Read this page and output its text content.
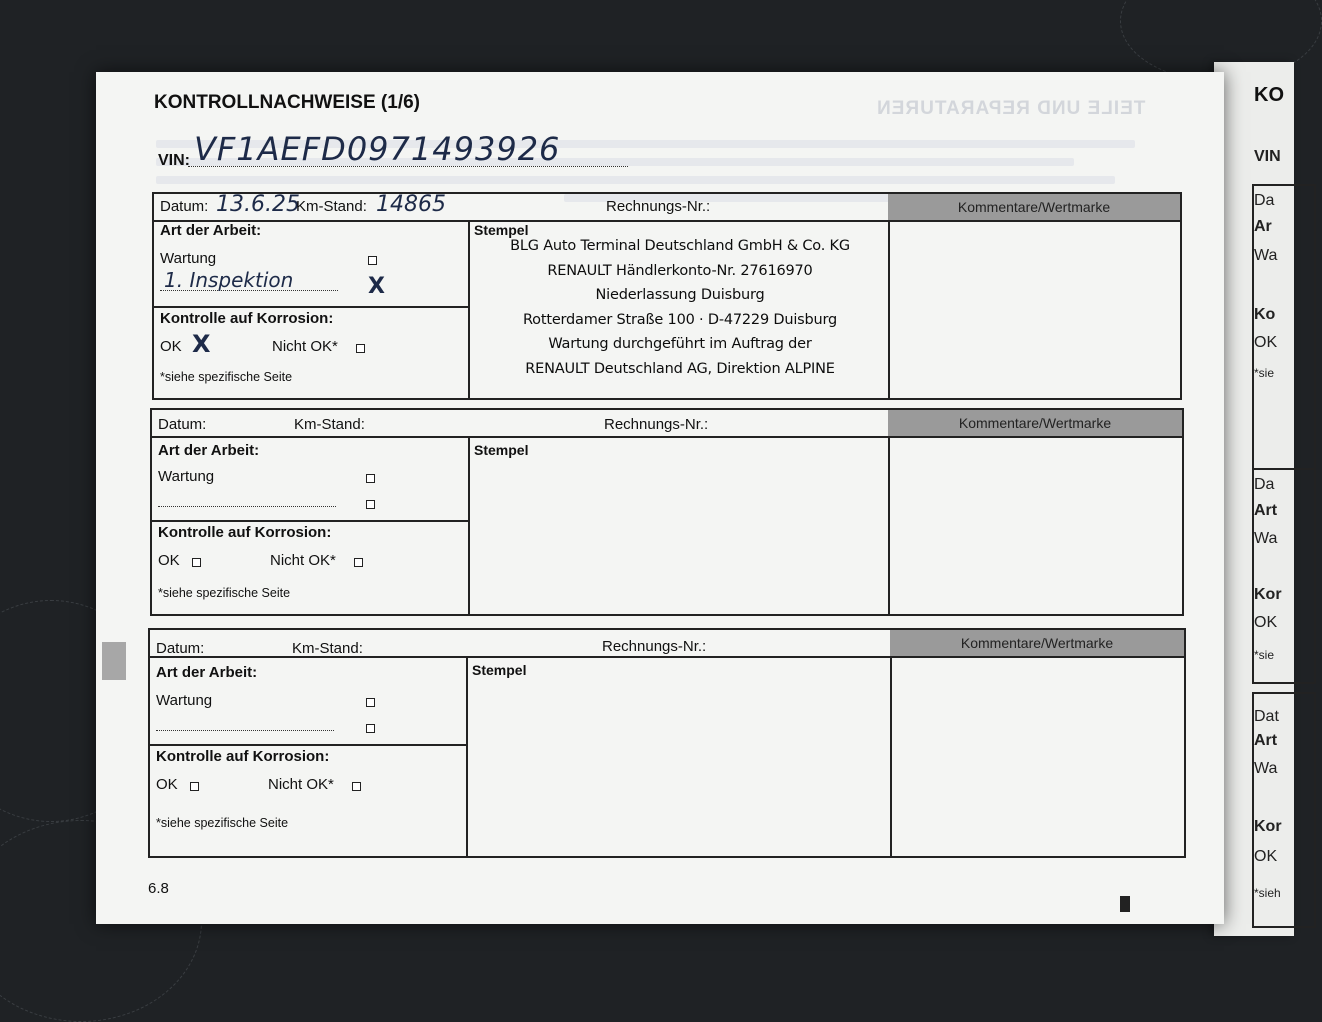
KO
VIN
Da
Ar
Wa
Ko
OK
*sie
Da
Art
Wa
Kor
OK
*sie
Dat
Art
Wa
Kor
OK
*sieh
TEILE UND REPARATUREN
KONTROLLNACHWEISE (1/6)
VIN: VF1AEFD0971493926
Kommentare/Wertmarke
Datum: 13.6.25
Km-Stand: 14865	Rechnungs-Nr.:
Art der Arbeit:
Wartung
1. Inspektion	X
Kontrolle auf Korrosion:
OK X	Nicht OK*
*siehe spezifische Seite
Stempel
BLG Auto Terminal Deutschland GmbH & Co. KG
RENAULT Händlerkonto-Nr. 27616970
Niederlassung Duisburg
Rotterdamer Straße 100 · D-47229 Duisburg
Wartung durchgeführt im Auftrag der
RENAULT Deutschland AG, Direktion ALPINE
Kommentare/Wertmarke
Datum:	Km-Stand:	Rechnungs-Nr.:
Art der Arbeit:
Wartung
Kontrolle auf Korrosion:
OK	Nicht OK*
*siehe spezifische Seite
Stempel
Kommentare/Wertmarke
Datum:	Km-Stand:	Rechnungs-Nr.:
Art der Arbeit:
Wartung
Kontrolle auf Korrosion:
OK	Nicht OK*
*siehe spezifische Seite
Stempel
6.8
